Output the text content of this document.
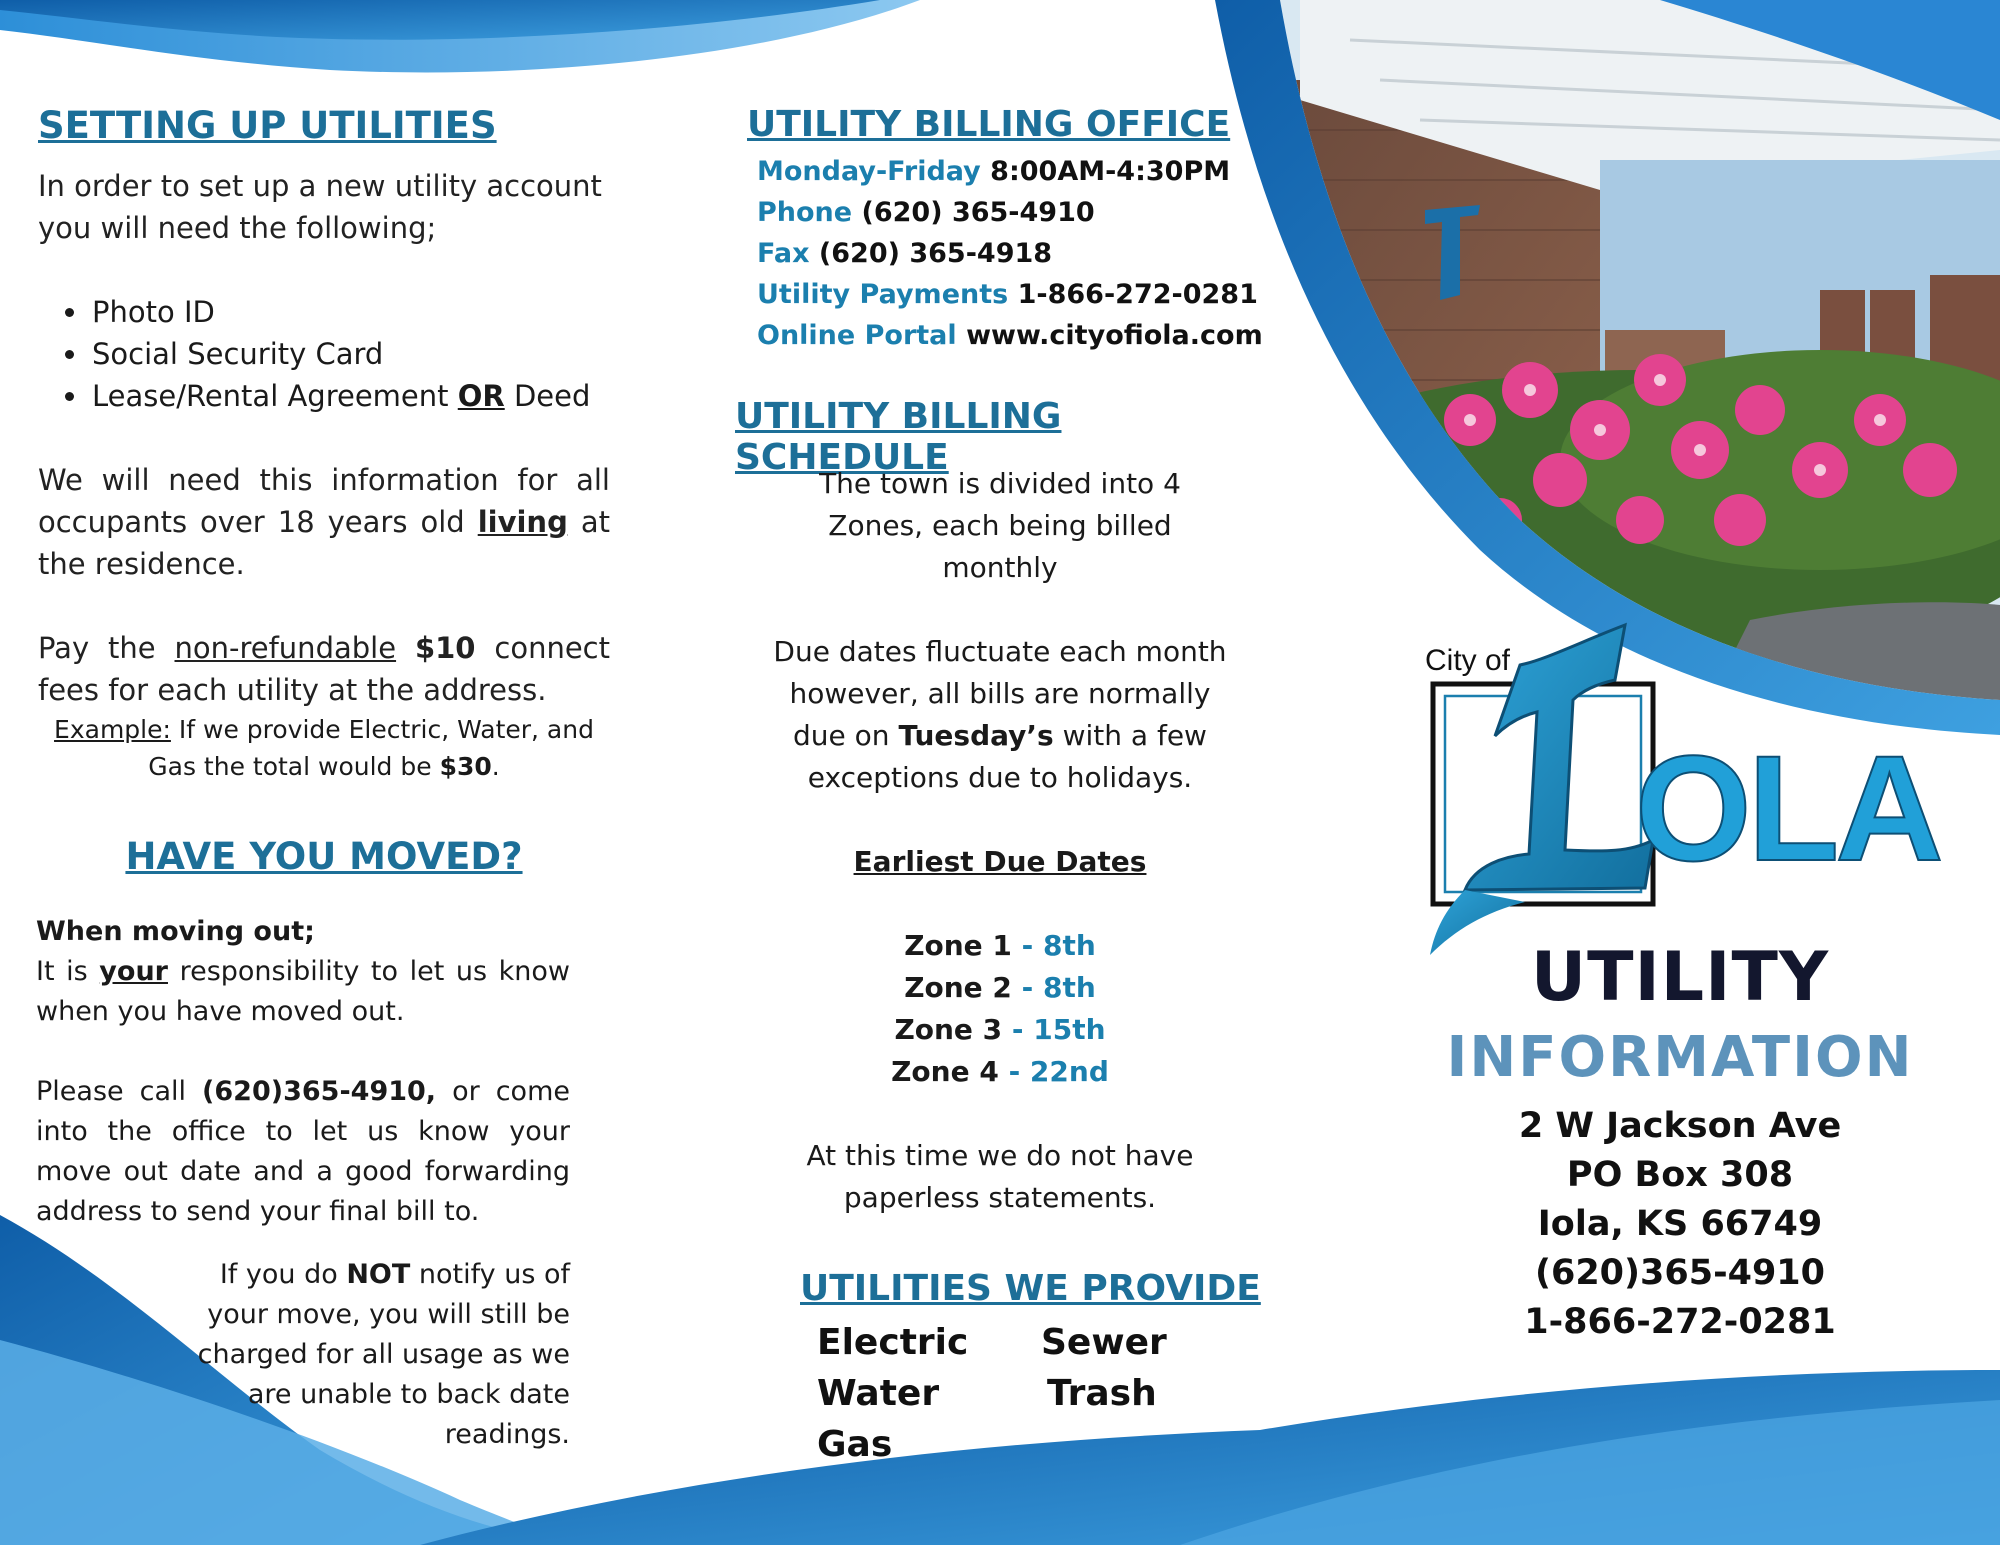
SETTING UP UTILITIES

In order to set up a new utility account you will need the following;

• Photo ID
• Social Security Card
• Lease/Rental Agreement OR Deed

We will need this information for all occupants over 18 years old living at the residence.

Pay the non-refundable $10 connect fees for each utility at the address.

Example: If we provide Electric, Water, and Gas the total would be $30.

HAVE YOU MOVED?

When moving out;

It is your responsibility to let us know when you have moved out.

Please call (620)365-4910, or come into the office to let us know your move out date and a good forwarding address to send your final bill to.

If you do NOT notify us of your move, you will still be charged for all usage as we are unable to back date readings.

UTILITY BILLING OFFICE
Monday-Friday 8:00AM-4:30PM
Phone (620) 365-4910
Fax (620) 365-4918
Utility Payments 1-866-272-0281
Online Portal www.cityofiola.com
UTILITY BILLING SCHEDULE

The town is divided into 4 Zones, each being billed monthly

Due dates fluctuate each month however, all bills are normally due on Tuesday’s with a few exceptions due to holidays.

Earliest Due Dates

Zone 1 - 8th

Zone 2 - 8th

Zone 3 - 15th

Zone 4 - 22nd

At this time we do not have paperless statements.

UTILITIES WE PROVIDE
Electric	Sewer
Water	Trash
Gas
City of
OLA
UTILITY
INFORMATION
2 W Jackson Ave
PO Box 308
Iola, KS 66749
(620)365-4910
1-866-272-0281
